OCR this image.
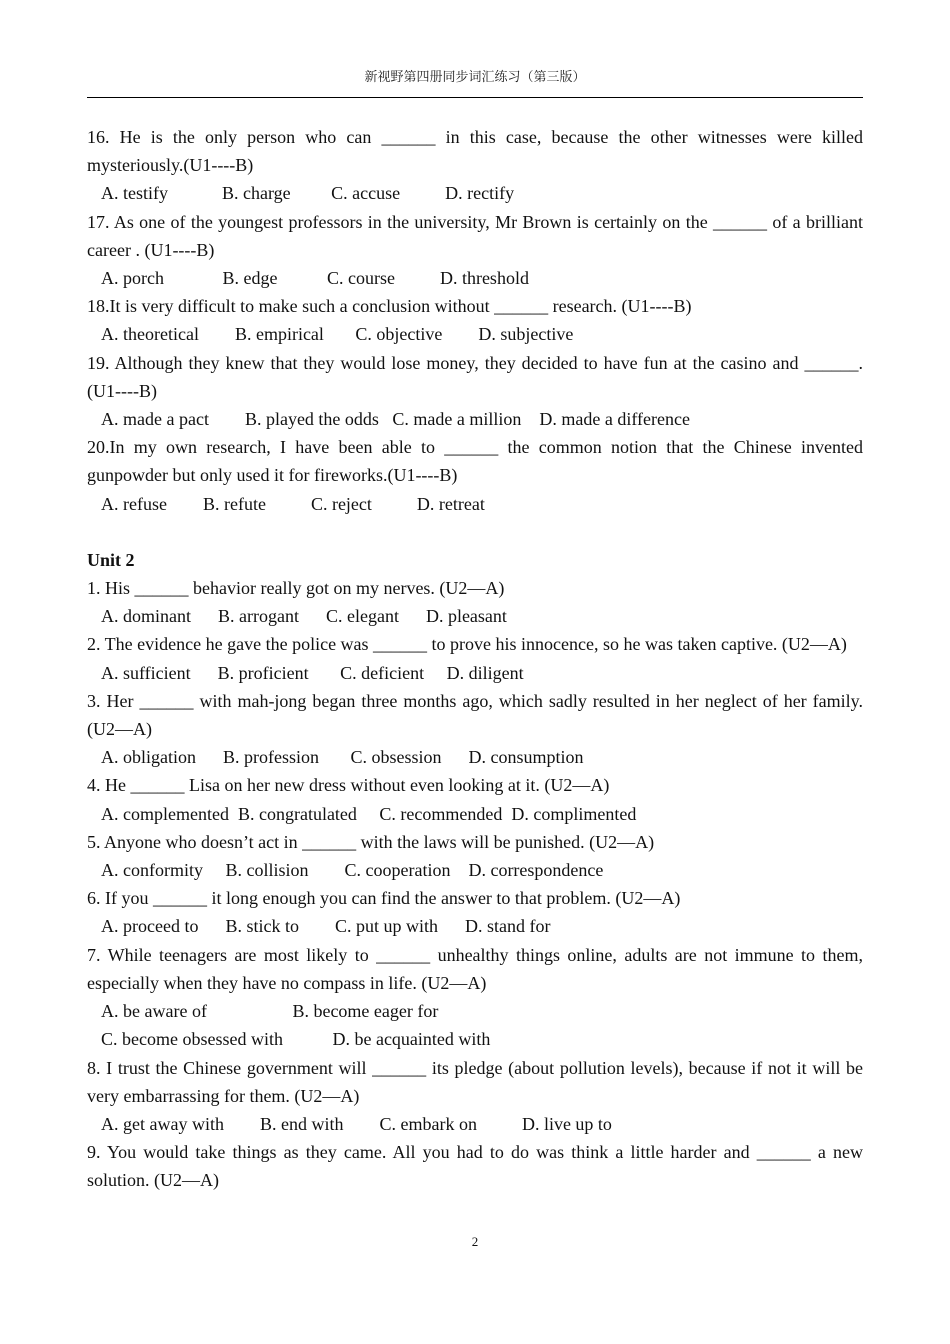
新视野第四册同步词汇练习（第三版）
16. He is the only person who can ______ in this case, because the other witnesses were killed mysteriously.(U1----B)
A. testify            B. charge         C. accuse          D. rectify
17. As one of the youngest professors in the university, Mr Brown is certainly on the ______ of a brilliant career . (U1----B)
A. porch             B. edge           C. course          D. threshold
18.It is very difficult to make such a conclusion without ______ research. (U1----B)
A. theoretical        B. empirical       C. objective        D. subjective
19. Although they knew that they would lose money, they decided to have fun at the casino and ______. (U1----B)
A. made a pact        B. played the odds   C. made a million    D. made a difference
20.In my own research, I have been able to ______ the common notion that the Chinese invented gunpowder but only used it for fireworks.(U1----B)
A. refuse        B. refute          C. reject          D. retreat
Unit 2
1. His ______ behavior really got on my nerves. (U2—A)
A. dominant      B. arrogant      C. elegant      D. pleasant
2. The evidence he gave the police was ______ to prove his innocence, so he was taken captive. (U2—A)
A. sufficient      B. proficient       C. deficient     D. diligent
3. Her ______ with mah-jong began three months ago, which sadly resulted in her neglect of her family. (U2—A)
A. obligation      B. profession       C. obsession      D. consumption
4. He ______ Lisa on her new dress without even looking at it. (U2—A)
A. complemented  B. congratulated     C. recommended  D. complimented
5. Anyone who doesn’t act in ______ with the laws will be punished. (U2—A)
A. conformity     B. collision        C. cooperation    D. correspondence
6. If you ______ it long enough you can find the answer to that problem. (U2—A)
A. proceed to      B. stick to        C. put up with      D. stand for
7. While teenagers are most likely to ______ unhealthy things online, adults are not immune to them, especially when they have no compass in life. (U2—A)
A. be aware of                   B. become eager for
C. become obsessed with           D. be acquainted with
8. I trust the Chinese government will ______ its pledge (about pollution levels), because if not it will be very embarrassing for them. (U2—A)
A. get away with        B. end with        C. embark on          D. live up to
9. You would take things as they came. All you had to do was think a little harder and ______ a new solution. (U2—A)
2
